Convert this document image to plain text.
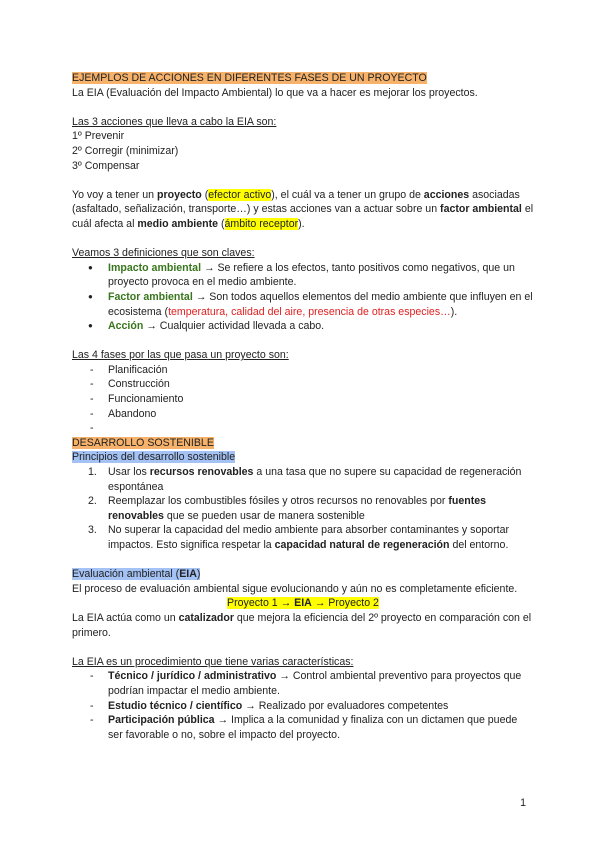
EJEMPLOS DE ACCIONES EN DIFERENTES FASES DE UN PROYECTO

La EIA (Evaluación del Impacto Ambiental) lo que va a hacer es mejorar los proyectos.

Las 3 acciones que lleva a cabo la EIA son:

1º Prevenir

2º Corregir (minimizar)

3º Compensar

Yo voy a tener un proyecto (efector activo), el cuál va a tener un grupo de acciones asociadas (asfaltado, señalización, transporte…) y estas acciones van a actuar sobre un factor ambiental el cuál afecta al medio ambiente (ámbito receptor).

Veamos 3 definiciones que son claves:

● Impacto ambiental → Se refiere a los efectos, tanto positivos como negativos, que un proyecto provoca en el medio ambiente.
● Factor ambiental → Son todos aquellos elementos del medio ambiente que influyen en el ecosistema (temperatura, calidad del aire, presencia de otras especies…).
● Acción → Cualquier actividad llevada a cabo.

Las 4 fases por las que pasa un proyecto son:

- Planificación
- Construcción
- Funcionamiento
- Abandono
-

DESARROLLO SOSTENIBLE

Principios del desarrollo sostenible

1. Usar los recursos renovables a una tasa que no supere su capacidad de regeneración espontánea
2. Reemplazar los combustibles fósiles y otros recursos no renovables por fuentes renovables que se pueden usar de manera sostenible
3. No superar la capacidad del medio ambiente para absorber contaminantes y soportar impactos. Esto significa respetar la capacidad natural de regeneración del entorno.

Evaluación ambiental (EIA)

El proceso de evaluación ambiental sigue evolucionando y aún no es completamente eficiente.

Proyecto 1 → EIA → Proyecto 2

La EIA actúa como un catalizador que mejora la eficiencia del 2º proyecto en comparación con el primero.

La EIA es un procedimiento que tiene varias características:

- Técnico / jurídico / administrativo → Control ambiental preventivo para proyectos que podrían impactar el medio ambiente.
- Estudio técnico / científico → Realizado por evaluadores competentes
- Participación pública → Implica a la comunidad y finaliza con un dictamen que puede ser favorable o no, sobre el impacto del proyecto.
1
